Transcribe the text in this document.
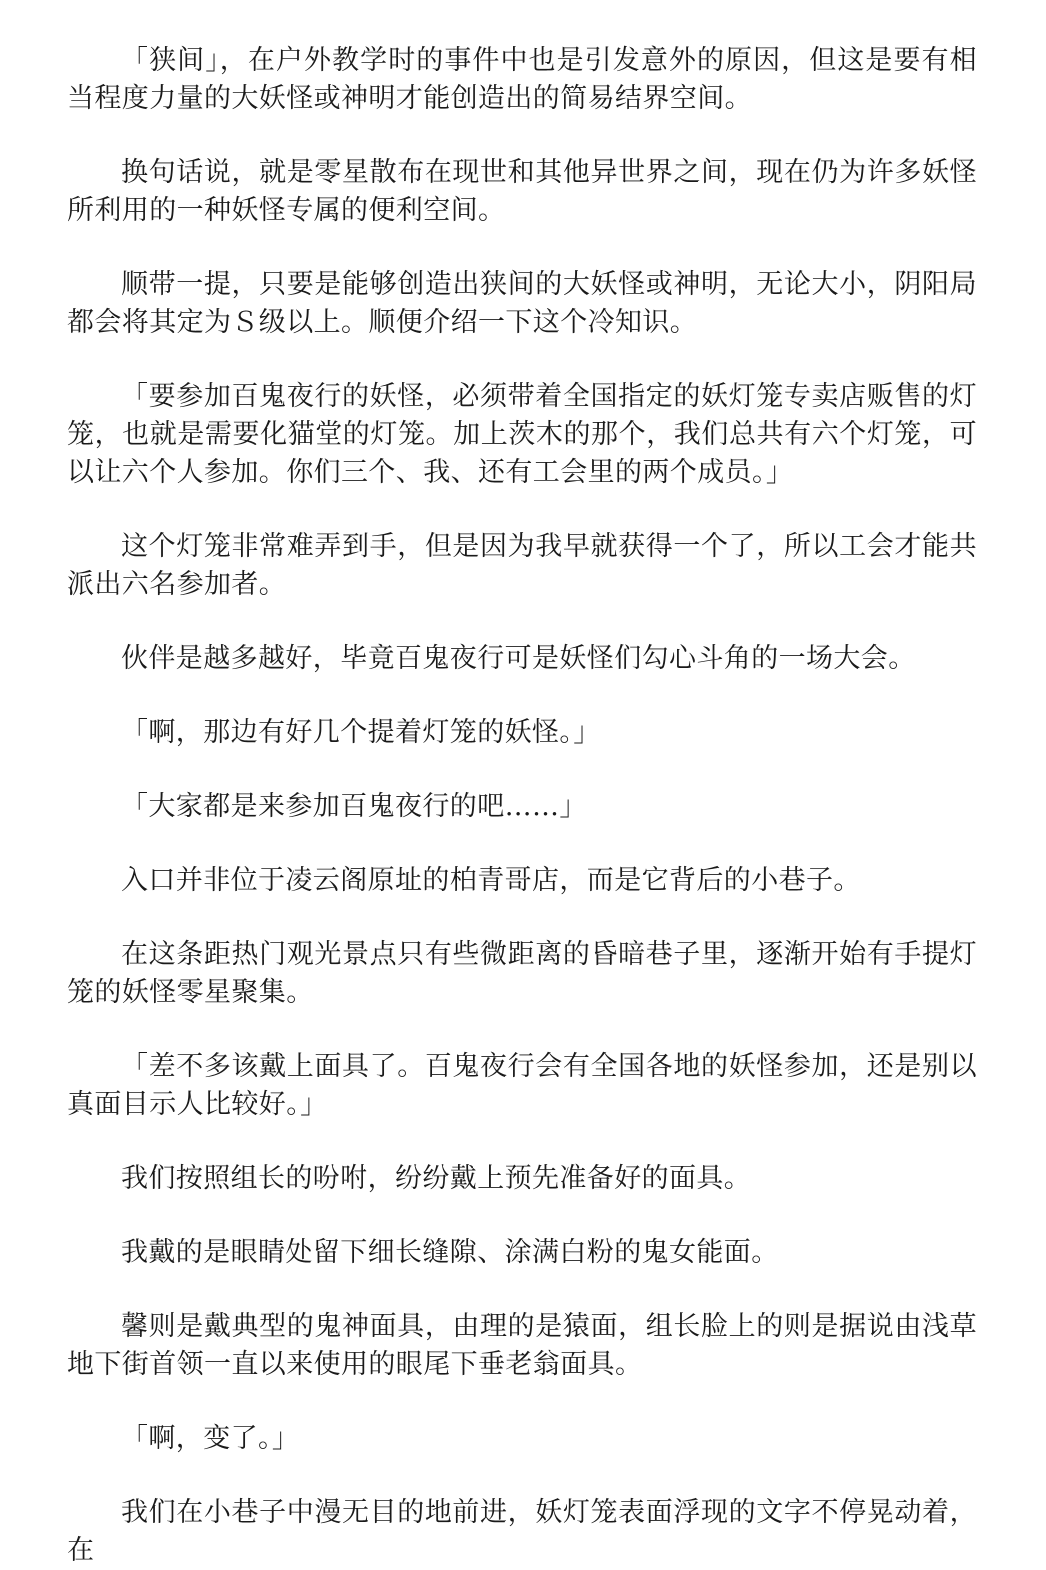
「狭间」，在户外教学时的事件中也是引发意外的原因，但这是要有相当程度力量的大妖怪或神明才能创造出的简易结界空间。

换句话说，就是零星散布在现世和其他异世界之间，现在仍为许多妖怪所利用的一种妖怪专属的便利空间。

顺带一提，只要是能够创造出狭间的大妖怪或神明，无论大小，阴阳局都会将其定为Ｓ级以上。顺便介绍一下这个冷知识。

「要参加百鬼夜行的妖怪，必须带着全国指定的妖灯笼专卖店贩售的灯笼，也就是需要化猫堂的灯笼。加上茨木的那个，我们总共有六个灯笼，可以让六个人参加。你们三个、我、还有工会里的两个成员。」

这个灯笼非常难弄到手，但是因为我早就获得一个了，所以工会才能共派出六名参加者。

伙伴是越多越好，毕竟百鬼夜行可是妖怪们勾心斗角的一场大会。

「啊，那边有好几个提着灯笼的妖怪。」

「大家都是来参加百鬼夜行的吧……」

入口并非位于凌云阁原址的柏青哥店，而是它背后的小巷子。

在这条距热门观光景点只有些微距离的昏暗巷子里，逐渐开始有手提灯笼的妖怪零星聚集。

「差不多该戴上面具了。百鬼夜行会有全国各地的妖怪参加，还是别以真面目示人比较好。」

我们按照组长的吩咐，纷纷戴上预先准备好的面具。

我戴的是眼睛处留下细长缝隙、涂满白粉的鬼女能面。

馨则是戴典型的鬼神面具，由理的是猿面，组长脸上的则是据说由浅草地下街首领一直以来使用的眼尾下垂老翁面具。

「啊，变了。」

我们在小巷子中漫无目的地前进，妖灯笼表面浮现的文字不停晃动着，在
